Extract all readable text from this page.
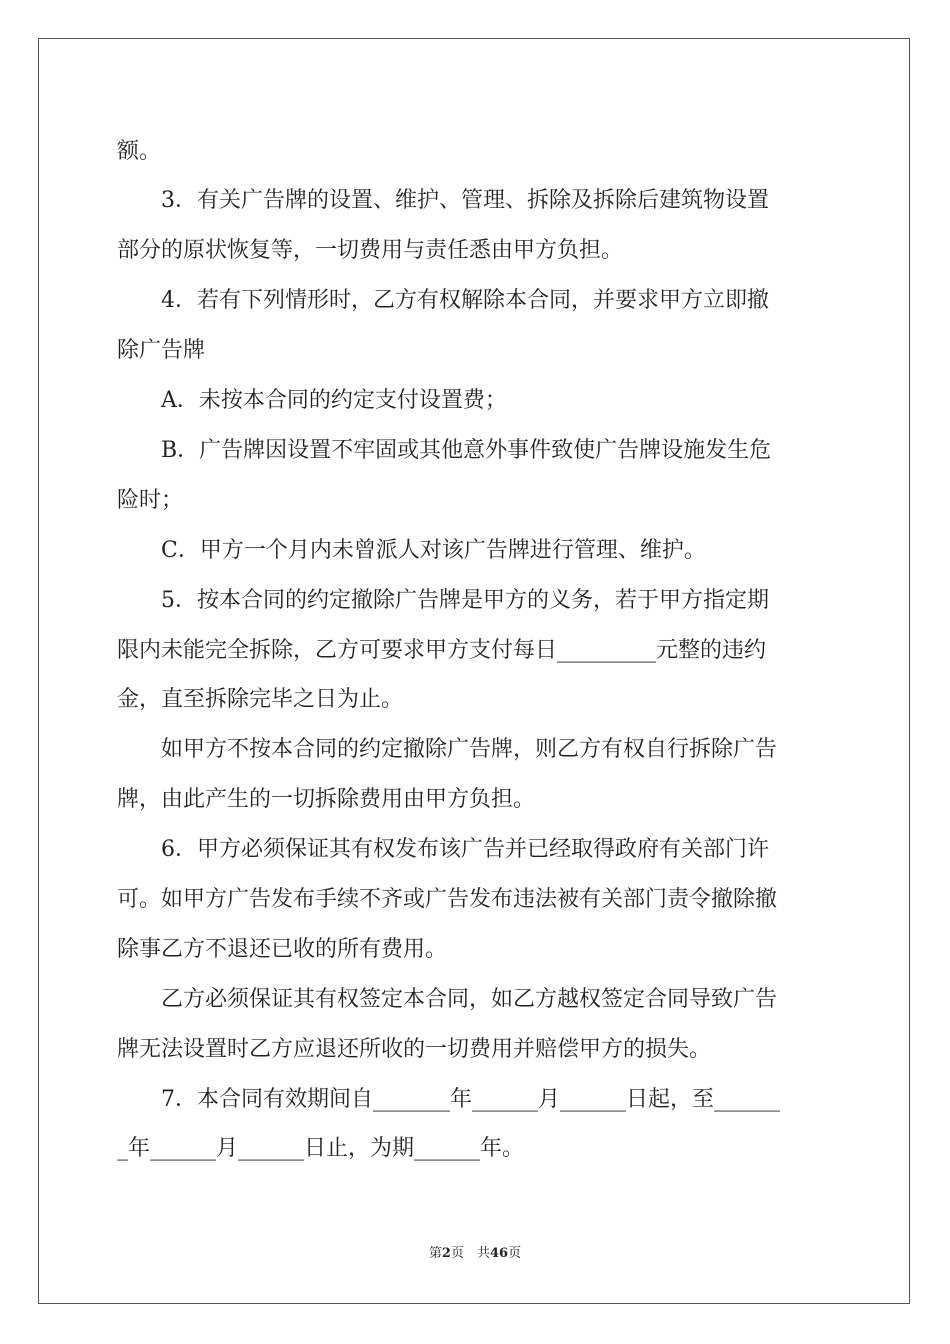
额。

3．有关广告牌的设置、维护、管理、拆除及拆除后建筑物设置

部分的原状恢复等，一切费用与责任悉由甲方负担。

4．若有下列情形时，乙方有权解除本合同，并要求甲方立即撤

除广告牌

A．未按本合同的约定支付设置费；

B．广告牌因设置不牢固或其他意外事件致使广告牌设施发生危

险时；

C．甲方一个月内未曾派人对该广告牌进行管理、维护。

5．按本合同的约定撤除广告牌是甲方的义务，若于甲方指定期

限内未能完全拆除，乙方可要求甲方支付每日_________元整的违约

金，直至拆除完毕之日为止。

如甲方不按本合同的约定撤除广告牌，则乙方有权自行拆除广告

牌，由此产生的一切拆除费用由甲方负担。

6．甲方必须保证其有权发布该广告并已经取得政府有关部门许

可。如甲方广告发布手续不齐或广告发布违法被有关部门责令撤除撤

除事乙方不退还已收的所有费用。

乙方必须保证其有权签定本合同，如乙方越权签定合同导致广告

牌无法设置时乙方应退还所收的一切费用并赔偿甲方的损失。

7．本合同有效期间自_______年______月______日起，至______

_年______月______日止，为期______年。

第2页　共46页
